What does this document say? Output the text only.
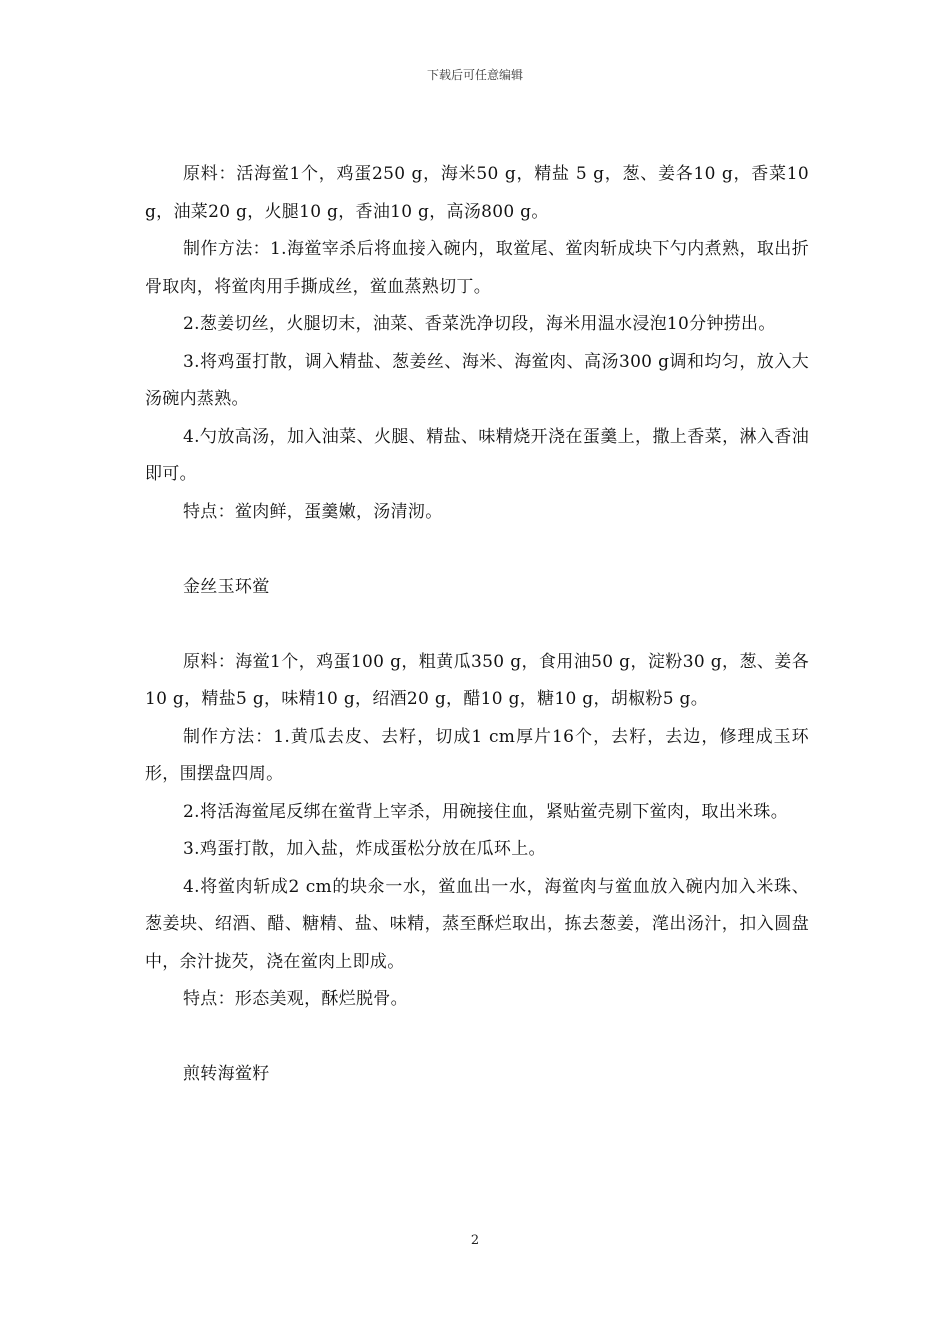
下载后可任意编辑

原料：活海鲎1个，鸡蛋250 g，海米50 g，精盐 5 g，葱、姜各10 g，香菜10 g，油菜20 g，火腿10 g，香油10 g，高汤800 g。

制作方法：1.海鲎宰杀后将血接入碗内，取鲎尾、鲎肉斩成块下勺内煮熟，取出折骨取肉，将鲎肉用手撕成丝，鲎血蒸熟切丁。

2.葱姜切丝，火腿切末，油菜、香菜洗净切段，海米用温水浸泡10分钟捞出。

3.将鸡蛋打散，调入精盐、葱姜丝、海米、海鲎肉、高汤300 g调和均匀，放入大汤碗内蒸熟。

4.勺放高汤，加入油菜、火腿、精盐、味精烧开浇在蛋羹上，撒上香菜，淋入香油即可。

特点：鲎肉鲜，蛋羹嫩，汤清沏。

金丝玉环鲎

原料：海鲎1个，鸡蛋100 g，粗黄瓜350 g，食用油50 g，淀粉30 g，葱、姜各10 g，精盐5 g，味精10 g，绍酒20 g，醋10 g，糖10 g，胡椒粉5 g。

制作方法：1.黄瓜去皮、去籽，切成1 cm厚片16个，去籽，去边，修理成玉环形，围摆盘四周。

2.将活海鲎尾反绑在鲎背上宰杀，用碗接住血，紧贴鲎壳剔下鲎肉，取出米珠。

3.鸡蛋打散，加入盐，炸成蛋松分放在瓜环上。

4.将鲎肉斩成2 cm的块氽一水，鲎血出一水，海鲎肉与鲎血放入碗内加入米珠、葱姜块、绍酒、醋、糖精、盐、味精，蒸至酥烂取出，拣去葱姜，滗出汤汁，扣入圆盘中，余汁拢芡，浇在鲎肉上即成。

特点：形态美观，酥烂脱骨。

煎转海鲎籽

2
